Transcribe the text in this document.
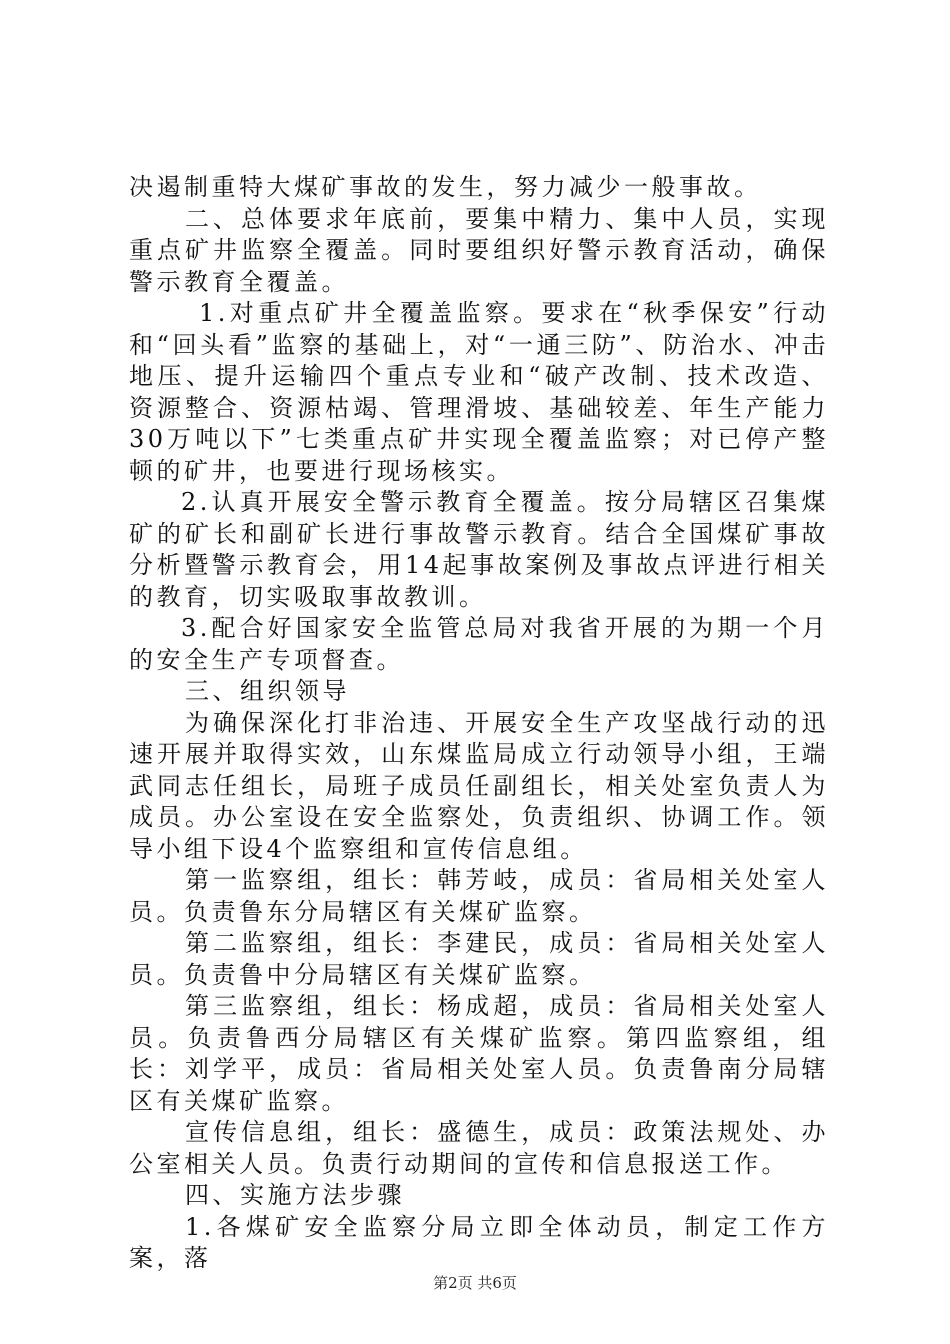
决遏制重特大煤矿事故的发生，努力减少一般事故。

二、总体要求年底前，要集中精力、集中人员，实现重点矿井监察全覆盖。同时要组织好警示教育活动，确保警示教育全覆盖。

1.对重点矿井全覆盖监察。要求在“秋季保安”行动和“回头看”监察的基础上，对“一通三防”、防治水、冲击地压、提升运输四个重点专业和“破产改制、技术改造、资源整合、资源枯竭、管理滑坡、基础较差、年生产能力30万吨以下”七类重点矿井实现全覆盖监察；对已停产整顿的矿井，也要进行现场核实。

2.认真开展安全警示教育全覆盖。按分局辖区召集煤矿的矿长和副矿长进行事故警示教育。结合全国煤矿事故分析暨警示教育会，用14起事故案例及事故点评进行相关的教育，切实吸取事故教训。

3.配合好国家安全监管总局对我省开展的为期一个月的安全生产专项督查。

三、组织领导

为确保深化打非治违、开展安全生产攻坚战行动的迅速开展并取得实效，山东煤监局成立行动领导小组，王端武同志任组长，局班子成员任副组长，相关处室负责人为成员。办公室设在安全监察处，负责组织、协调工作。领导小组下设4个监察组和宣传信息组。

第一监察组，组长：韩芳岐，成员：省局相关处室人员。负责鲁东分局辖区有关煤矿监察。

第二监察组，组长：李建民，成员：省局相关处室人员。负责鲁中分局辖区有关煤矿监察。

第三监察组，组长：杨成超，成员：省局相关处室人员。负责鲁西分局辖区有关煤矿监察。第四监察组，组长：刘学平，成员：省局相关处室人员。负责鲁南分局辖区有关煤矿监察。

宣传信息组，组长：盛德生，成员：政策法规处、办公室相关人员。负责行动期间的宣传和信息报送工作。

四、实施方法步骤

1.各煤矿安全监察分局立即全体动员，制定工作方案，落

第2页 共6页
